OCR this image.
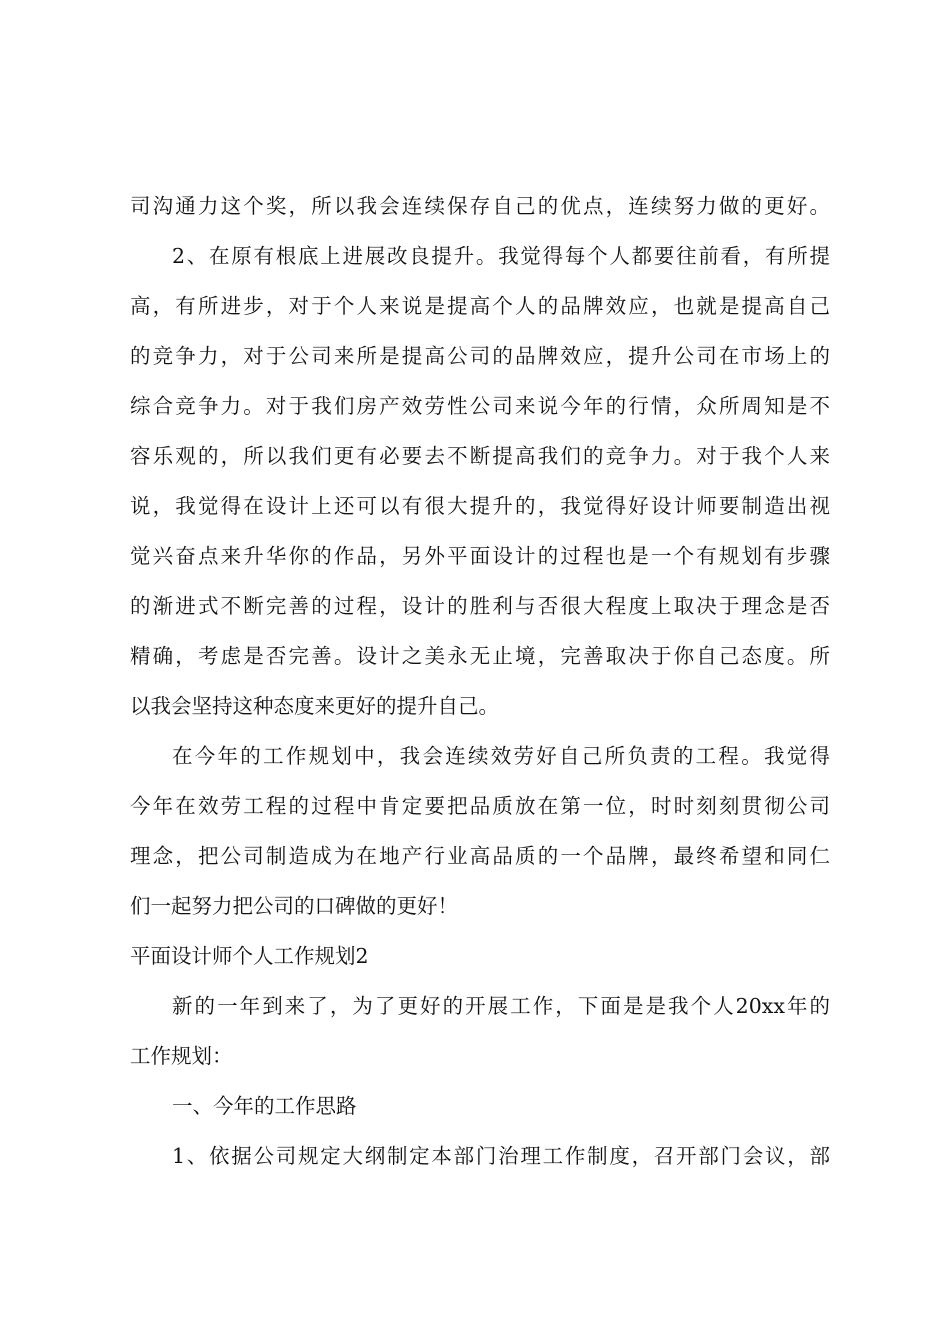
司沟通力这个奖，所以我会连续保存自己的优点，连续努力做的更好。
2、在原有根底上进展改良提升。我觉得每个人都要往前看，有所提
高，有所进步，对于个人来说是提高个人的品牌效应，也就是提高自己
的竞争力，对于公司来所是提高公司的品牌效应，提升公司在市场上的
综合竞争力。对于我们房产效劳性公司来说今年的行情，众所周知是不
容乐观的，所以我们更有必要去不断提高我们的竞争力。对于我个人来
说，我觉得在设计上还可以有很大提升的，我觉得好设计师要制造出视
觉兴奋点来升华你的作品，另外平面设计的过程也是一个有规划有步骤
的渐进式不断完善的过程，设计的胜利与否很大程度上取决于理念是否
精确，考虑是否完善。设计之美永无止境，完善取决于你自己态度。所
以我会坚持这种态度来更好的提升自己。
在今年的工作规划中，我会连续效劳好自己所负责的工程。我觉得
今年在效劳工程的过程中肯定要把品质放在第一位，时时刻刻贯彻公司
理念，把公司制造成为在地产行业高品质的一个品牌，最终希望和同仁
们一起努力把公司的口碑做的更好！
平面设计师个人工作规划2
新的一年到来了，为了更好的开展工作，下面是是我个人20xx年的
工作规划：
一、今年的工作思路
1、依据公司规定大纲制定本部门治理工作制度，召开部门会议，部
